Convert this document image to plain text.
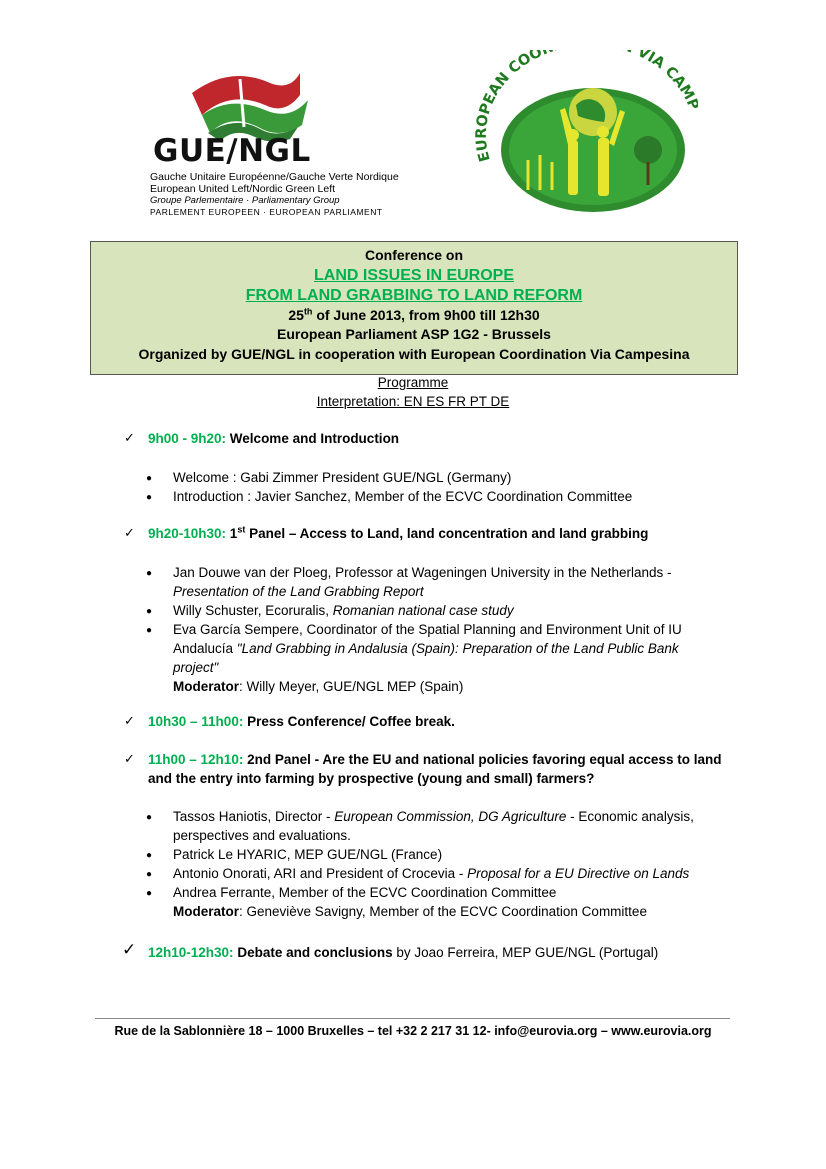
GUE/NGL
Gauche Unitaire Européenne/Gauche Verte Nordique
European United Left/Nordic Green Left
Groupe Parlementaire · Parliamentary Group
PARLEMENT EUROPEEN · EUROPEAN PARLIAMENT
EUROPEAN COO VIA CAM
Conference on
LAND ISSUES IN EUROPE
FROM LAND GRABBING TO LAND REFORM
25th of June 2013, from 9h00 till 12h30
European Parliament ASP 1G2 - Brussels
Organized by GUE/NGL in cooperation with European Coordination Via Campesina
Programme
Interpretation: EN ES FR PT DE
✓ 9h00 - 9h20: Welcome and Introduction
● Welcome : Gabi Zimmer President GUE/NGL (Germany)
● Introduction : Javier Sanchez, Member of the ECVC Coordination Committee
✓ 9h20-10h30: 1st Panel – Access to Land, land concentration and land grabbing
● Jan Douwe van der Ploeg, Professor at Wageningen University in the Netherlands -
Presentation of the Land Grabbing Report
● Willy Schuster, Ecoruralis, Romanian national case study
● Eva García Sempere, Coordinator of the Spatial Planning and Environment Unit of IU
Andalucía "Land Grabbing in Andalusia (Spain): Preparation of the Land Public Bank
project"
Moderator: Willy Meyer, GUE/NGL MEP (Spain)
✓ 10h30 – 11h00: Press Conference/ Coffee break.
✓ 11h00 – 12h10: 2nd Panel - Are the EU and national policies favoring equal access to land
and the entry into farming by prospective (young and small) farmers?
● Tassos Haniotis, Director - European Commission, DG Agriculture - Economic analysis,
perspectives and evaluations.
● Patrick Le HYARIC, MEP GUE/NGL (France)
● Antonio Onorati, ARI and President of Crocevia - Proposal for a EU Directive on Lands
● Andrea Ferrante, Member of the ECVC Coordination Committee
Moderator: Geneviève Savigny, Member of the ECVC Coordination Committee
✓ 12h10-12h30: Debate and conclusions by Joao Ferreira, MEP GUE/NGL (Portugal)
Rue de la Sablonnière 18 – 1000 Bruxelles – tel +32 2 217 31 12- info@eurovia.org – www.eurovia.org
